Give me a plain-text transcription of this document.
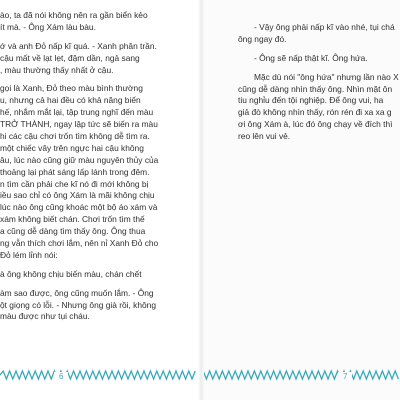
ào, ta đã nói không nên ra gần biển kẻo
ít mà. - Ông Xám làu bàu.
ớ và anh Đỏ nấp kĩ quá. - Xanh phân trần.
cậu mất về lạt lẹt, đậm dần, ngả sang
, màu thường thấy nhất ở cậu.
gọi là Xanh, Đỏ theo màu bình thường
u, nhưng cả hai đều có khả năng biến
hế, nhắm mắt lại, tập trung nghĩ đến màu
TRỞ THÀNH, ngay lập tức sẽ biến ra màu
hi các cậu chơi trốn tìm không dễ tìm ra.
một chiếc vây trên ngực hai cậu không
âu, lúc nào cũng giữ màu nguyên thủy của
thoảng lại phát sáng lấp lánh trong đêm.
n tìm cần phải che kĩ nó đi mới không bị
iều sao chỉ có ông Xám là mãi không chịu
lúc nào ông cũng khoác một bộ áo xám và
xám không biết chán. Chơi trốn tìm thế
a cũng dễ dàng tìm thấy ông. Ông thua
ng vẫn thích chơi lắm, nên nỉ Xanh Đỏ cho
Đỏ lém lỉnh nói:
à ông không chịu biến màu, chán chết
àm sao được, ông cũng muốn lắm. - Ông
ột giọng có lỗi. - Nhưng ông già rồi, không
màu được như tụi cháu.
6
- Vậy ông phải nấp kĩ vào nhé, tụi chá
ông ngay đó.
- Ông sẽ nấp thật kĩ. Ông hứa.
Mặc dù nói "ông hứa" nhưng lần nào X
cũng dễ dàng nhìn thấy ông. Nhìn mặt ôn
tiu nghỉu đến tội nghiệp. Để ông vui, ha
giả đò không nhìn thấy, rón rén đi xa xa g
ơi ông Xám à, lúc đó ông chạy về đích thì
reo lên vui vẻ.
7
